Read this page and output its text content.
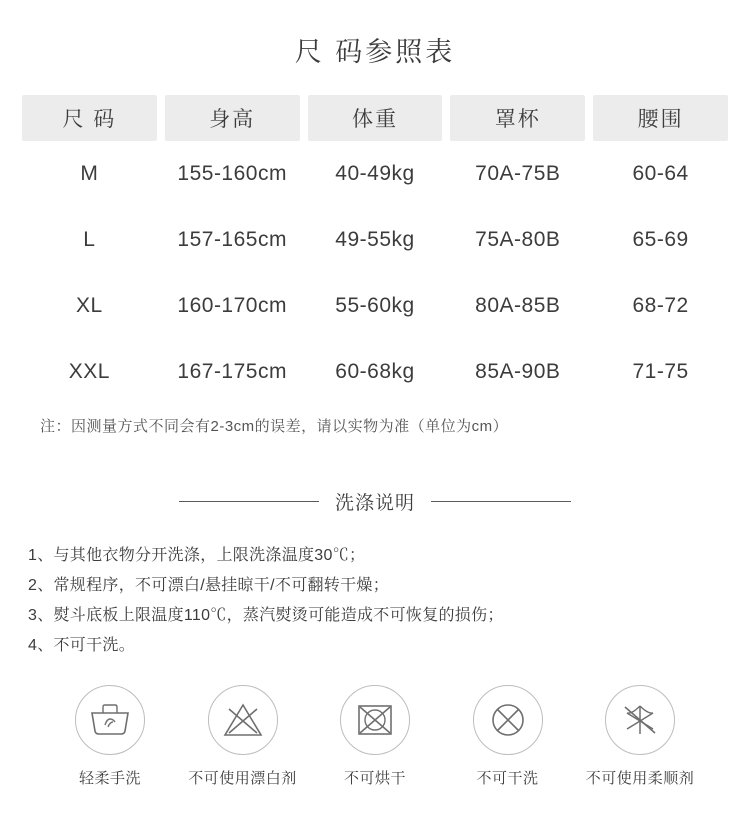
尺 码参照表
尺 码	身高	体重	罩杯	腰围
M	155-160cm	40-49kg	70A-75B	60-64
L	157-165cm	49-55kg	75A-80B	65-69
XL	160-170cm	55-60kg	80A-85B	68-72
XXL	167-175cm	60-68kg	85A-90B	71-75
注：因测量方式不同会有2-3cm的误差，请以实物为准（单位为cm）
洗涤说明
1、与其他衣物分开洗涤，上限洗涤温度30℃；
2、常规程序，不可漂白/悬挂晾干/不可翻转干燥；
3、熨斗底板上限温度110℃，蒸汽熨烫可能造成不可恢复的损伤；
4、不可干洗。
轻柔手洗	不可使用漂白剂	不可烘干	不可干洗	不可使用柔顺剂
